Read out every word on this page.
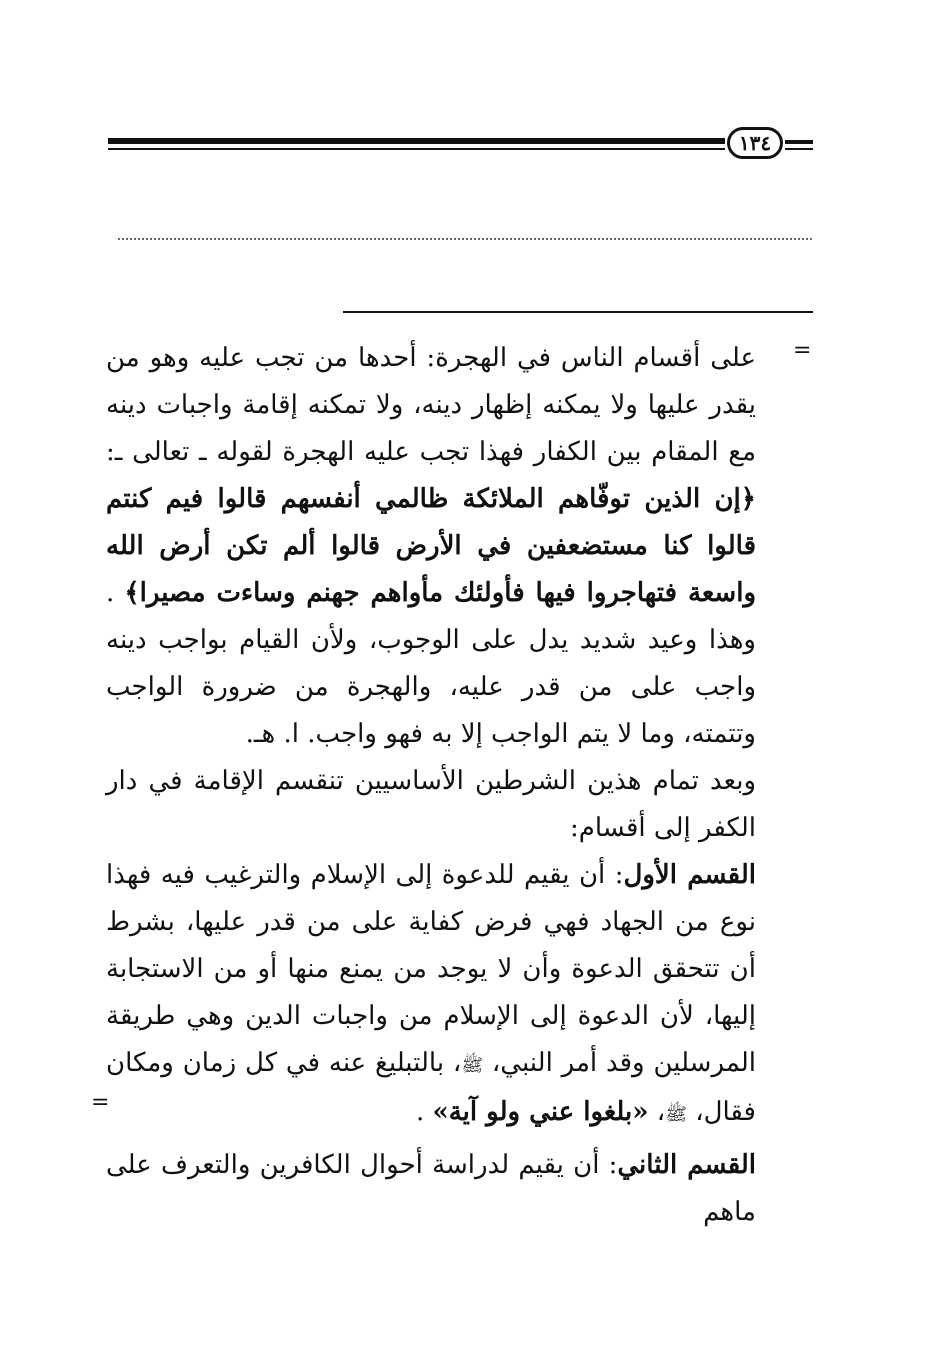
١٣٤
=
=

على أقسام الناس في الهجرة: أحدها من تجب عليه وهو من يقدر عليها ولا يمكنه إظهار دينه، ولا تمكنه إقامة واجبات دينه مع المقام بين الكفار فهذا تجب عليه الهجرة لقوله ـ تعالى ـ: ﴿إن الذين توفّاهم الملائكة ظالمي أنفسهم قالوا فيم كنتم قالوا كنا مستضعفين في الأرض قالوا ألم تكن أرض الله واسعة فتهاجروا فيها فأولئك مأواهم جهنم وساءت مصيرا﴾ . وهذا وعيد شديد يدل على الوجوب، ولأن القيام بواجب دينه واجب على من قدر عليه، والهجرة من ضرورة الواجب وتتمته، وما لا يتم الواجب إلا به فهو واجب. ا. هـ.

وبعد تمام هذين الشرطين الأساسيين تنقسم الإقامة في دار الكفر إلى أقسام:

القسم الأول: أن يقيم للدعوة إلى الإسلام والترغيب فيه فهذا نوع من الجهاد فهي فرض كفاية على من قدر عليها، بشرط أن تتحقق الدعوة وأن لا يوجد من يمنع منها أو من الاستجابة إليها، لأن الدعوة إلى الإسلام من واجبات الدين وهي طريقة المرسلين وقد أمر النبي، ﷺ، بالتبليغ عنه في كل زمان ومكان فقال، ﷺ، «بلغوا عني ولو آية» .

القسم الثاني: أن يقيم لدراسة أحوال الكافرين والتعرف على ماهم
